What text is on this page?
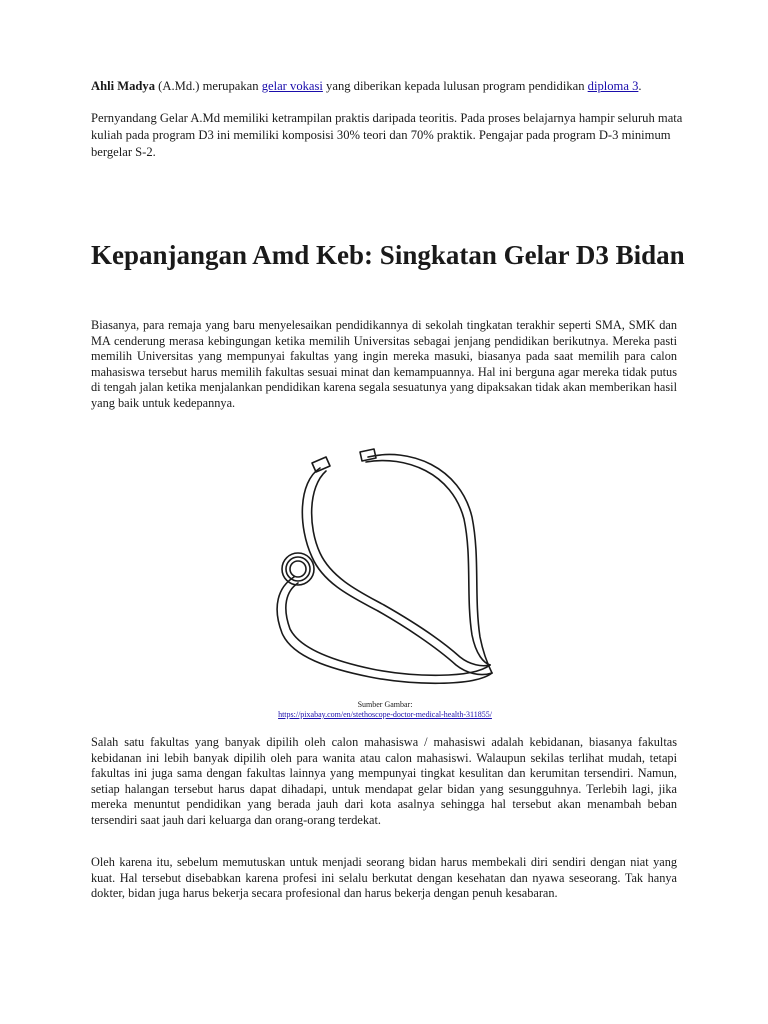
Ahli Madya (A.Md.) merupakan gelar vokasi yang diberikan kepada lulusan program pendidikan diploma 3.

Pernyandang Gelar A.Md memiliki ketrampilan praktis daripada teoritis. Pada proses belajarnya hampir seluruh mata kuliah pada program D3 ini memiliki komposisi 30% teori dan 70% praktik. Pengajar pada program D-3 minimum bergelar S-2.

Kepanjangan Amd Keb: Singkatan Gelar D3 Bidan

Biasanya, para remaja yang baru menyelesaikan pendidikannya di sekolah tingkatan terakhir seperti SMA, SMK dan MA cenderung merasa kebingungan ketika memilih Universitas sebagai jenjang pendidikan berikutnya. Mereka pasti memilih Universitas yang mempunyai fakultas yang ingin mereka masuki, biasanya pada saat memilih para calon mahasiswa tersebut harus memilih fakultas sesuai minat dan kemampuannya. Hal ini berguna agar mereka tidak putus di tengah jalan ketika menjalankan pendidikan karena segala sesuatunya yang dipaksakan tidak akan memberikan hasil yang baik untuk kedepannya.

Sumber Gambar:
https://pixabay.com/en/stethoscope-doctor-medical-health-311855/

Salah satu fakultas yang banyak dipilih oleh calon mahasiswa / mahasiswi adalah kebidanan, biasanya fakultas kebidanan ini lebih banyak dipilih oleh para wanita atau calon mahasiswi. Walaupun sekilas terlihat mudah, tetapi fakultas ini juga sama dengan fakultas lainnya yang mempunyai tingkat kesulitan dan kerumitan tersendiri. Namun, setiap halangan tersebut harus dapat dihadapi, untuk mendapat gelar bidan yang sesungguhnya. Terlebih lagi, jika mereka menuntut pendidikan yang berada jauh dari kota asalnya sehingga hal tersebut akan menambah beban tersendiri saat jauh dari keluarga dan orang-orang terdekat.

Oleh karena itu, sebelum memutuskan untuk menjadi seorang bidan harus membekali diri sendiri dengan niat yang kuat. Hal tersebut disebabkan karena profesi ini selalu berkutat dengan kesehatan dan nyawa seseorang. Tak hanya dokter, bidan juga harus bekerja secara profesional dan harus bekerja dengan penuh kesabaran.
